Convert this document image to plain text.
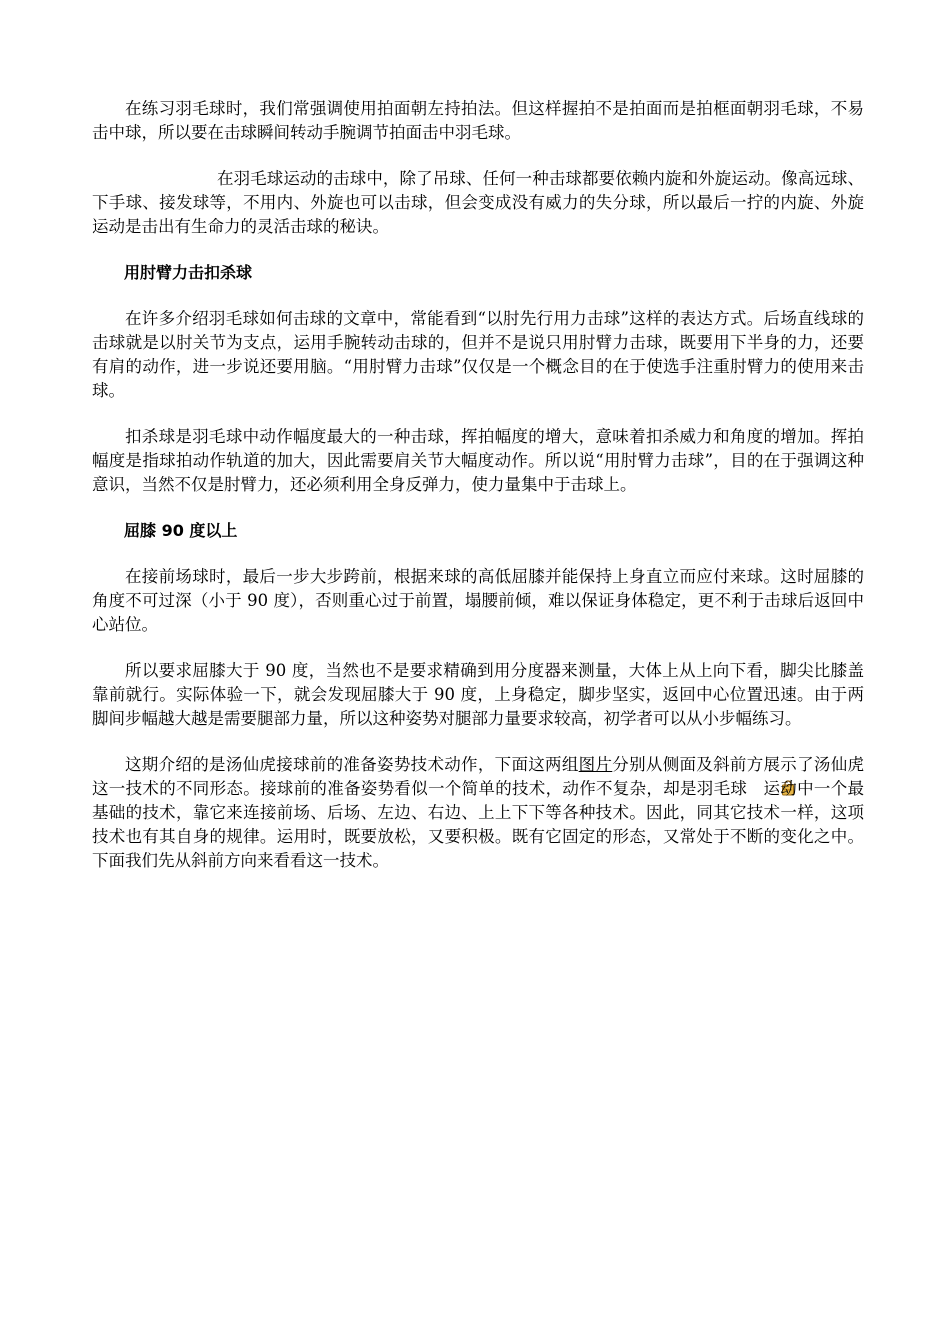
在练习羽毛球时，我们常强调使用拍面朝左持拍法。但这样握拍不是拍面而是拍框面朝羽毛球，不易击中球，所以要在击球瞬间转动手腕调节拍面击中羽毛球。

在羽毛球运动的击球中，除了吊球、任何一种击球都要依赖内旋和外旋运动。像高远球、下手球、接发球等，不用内、外旋也可以击球，但会变成没有威力的失分球，所以最后一拧的内旋、外旋运动是击出有生命力的灵活击球的秘诀。

用肘臂力击扣杀球

在许多介绍羽毛球如何击球的文章中，常能看到“以肘先行用力击球”这样的表达方式。后场直线球的击球就是以肘关节为支点，运用手腕转动击球的，但并不是说只用肘臂力击球，既要用下半身的力，还要有肩的动作，进一步说还要用脑。“用肘臂力击球”仅仅是一个概念目的在于使选手注重肘臂力的使用来击球。

扣杀球是羽毛球中动作幅度最大的一种击球，挥拍幅度的增大，意味着扣杀威力和角度的增加。挥拍幅度是指球拍动作轨道的加大，因此需要肩关节大幅度动作。所以说“用肘臂力击球”，目的在于强调这种意识，当然不仅是肘臂力，还必须利用全身反弹力，使力量集中于击球上。

屈膝 90 度以上

在接前场球时，最后一步大步跨前，根据来球的高低屈膝并能保持上身直立而应付来球。这时屈膝的角度不可过深（小于 90 度），否则重心过于前置，塌腰前倾，难以保证身体稳定，更不利于击球后返回中心站位。

所以要求屈膝大于 90 度，当然也不是要求精确到用分度器来测量，大体上从上向下看，脚尖比膝盖靠前就行。实际体验一下，就会发现屈膝大于 90 度，上身稳定，脚步坚实，返回中心位置迅速。由于两脚间步幅越大越是需要腿部力量，所以这种姿势对腿部力量要求较高，初学者可以从小步幅练习。

这期介绍的是汤仙虎接球前的准备姿势技术动作，下面这两组图片分别从侧面及斜前方展示了汤仙虎这一技术的不同形态。接球前的准备姿势看似一个简单的技术，动作不复杂，却是羽毛球 运动中一个最基础的技术，靠它来连接前场、后场、左边、右边、上上下下等各种技术。因此，同其它技术一样，这项技术也有其自身的规律。运用时，既要放松，又要积极。既有它固定的形态，又常处于不断的变化之中。下面我们先从斜前方向来看看这一技术。
